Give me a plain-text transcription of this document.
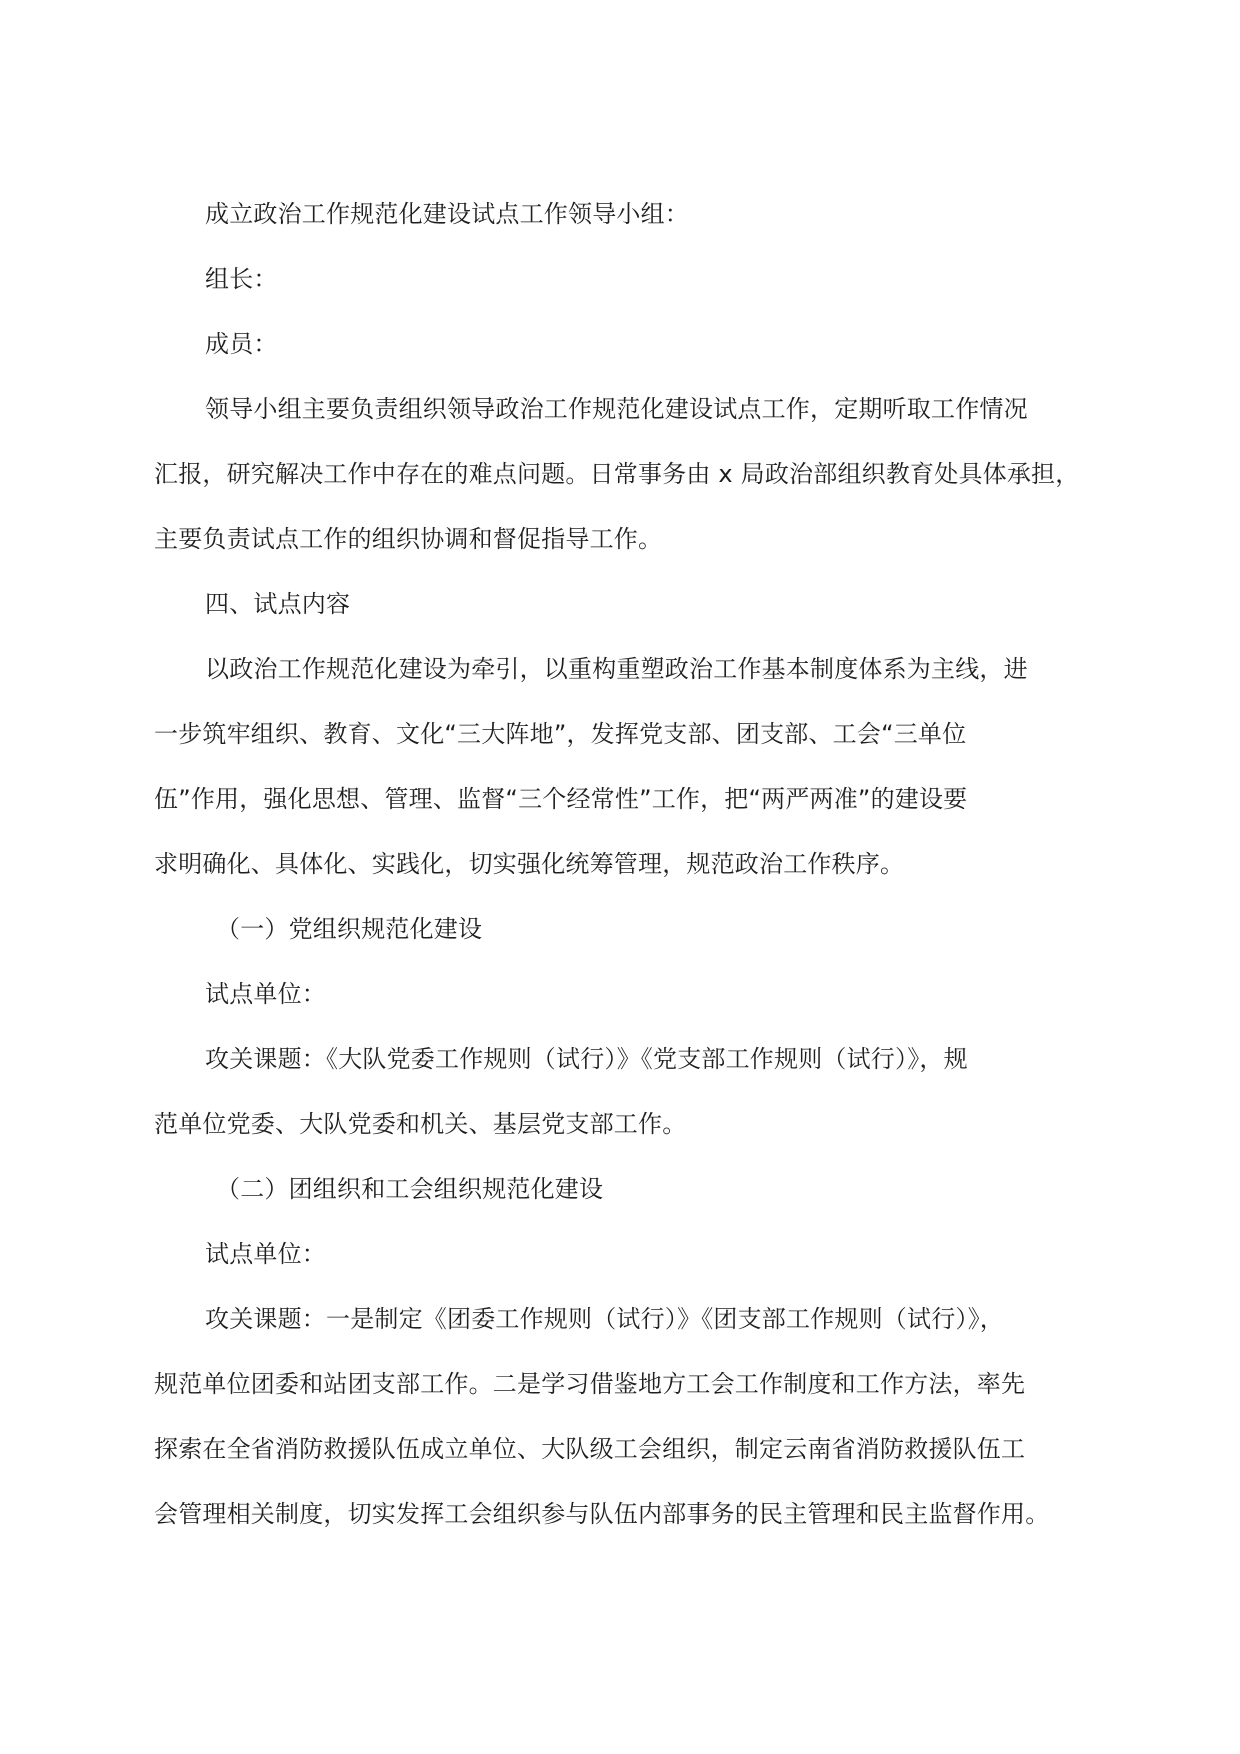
成立政治工作规范化建设试点工作领导小组：
组长：
成员：
领导小组主要负责组织领导政治工作规范化建设试点工作，定期听取工作情况
汇报，研究解决工作中存在的难点问题。日常事务由 x 局政治部组织教育处具体承担，
主要负责试点工作的组织协调和督促指导工作。
四、试点内容
以政治工作规范化建设为牵引，以重构重塑政治工作基本制度体系为主线，进
一步筑牢组织、教育、文化“三大阵地”，发挥党支部、团支部、工会“三单位
伍”作用，强化思想、管理、监督“三个经常性”工作，把“两严两准”的建设要
求明确化、具体化、实践化，切实强化统筹管理，规范政治工作秩序。
（一）党组织规范化建设
试点单位：
攻关课题：《大队党委工作规则（试行）》《党支部工作规则（试行）》，规
范单位党委、大队党委和机关、基层党支部工作。
（二）团组织和工会组织规范化建设
试点单位：
攻关课题：一是制定《团委工作规则（试行）》《团支部工作规则（试行）》，
规范单位团委和站团支部工作。二是学习借鉴地方工会工作制度和工作方法，率先
探索在全省消防救援队伍成立单位、大队级工会组织，制定云南省消防救援队伍工
会管理相关制度，切实发挥工会组织参与队伍内部事务的民主管理和民主监督作用。
